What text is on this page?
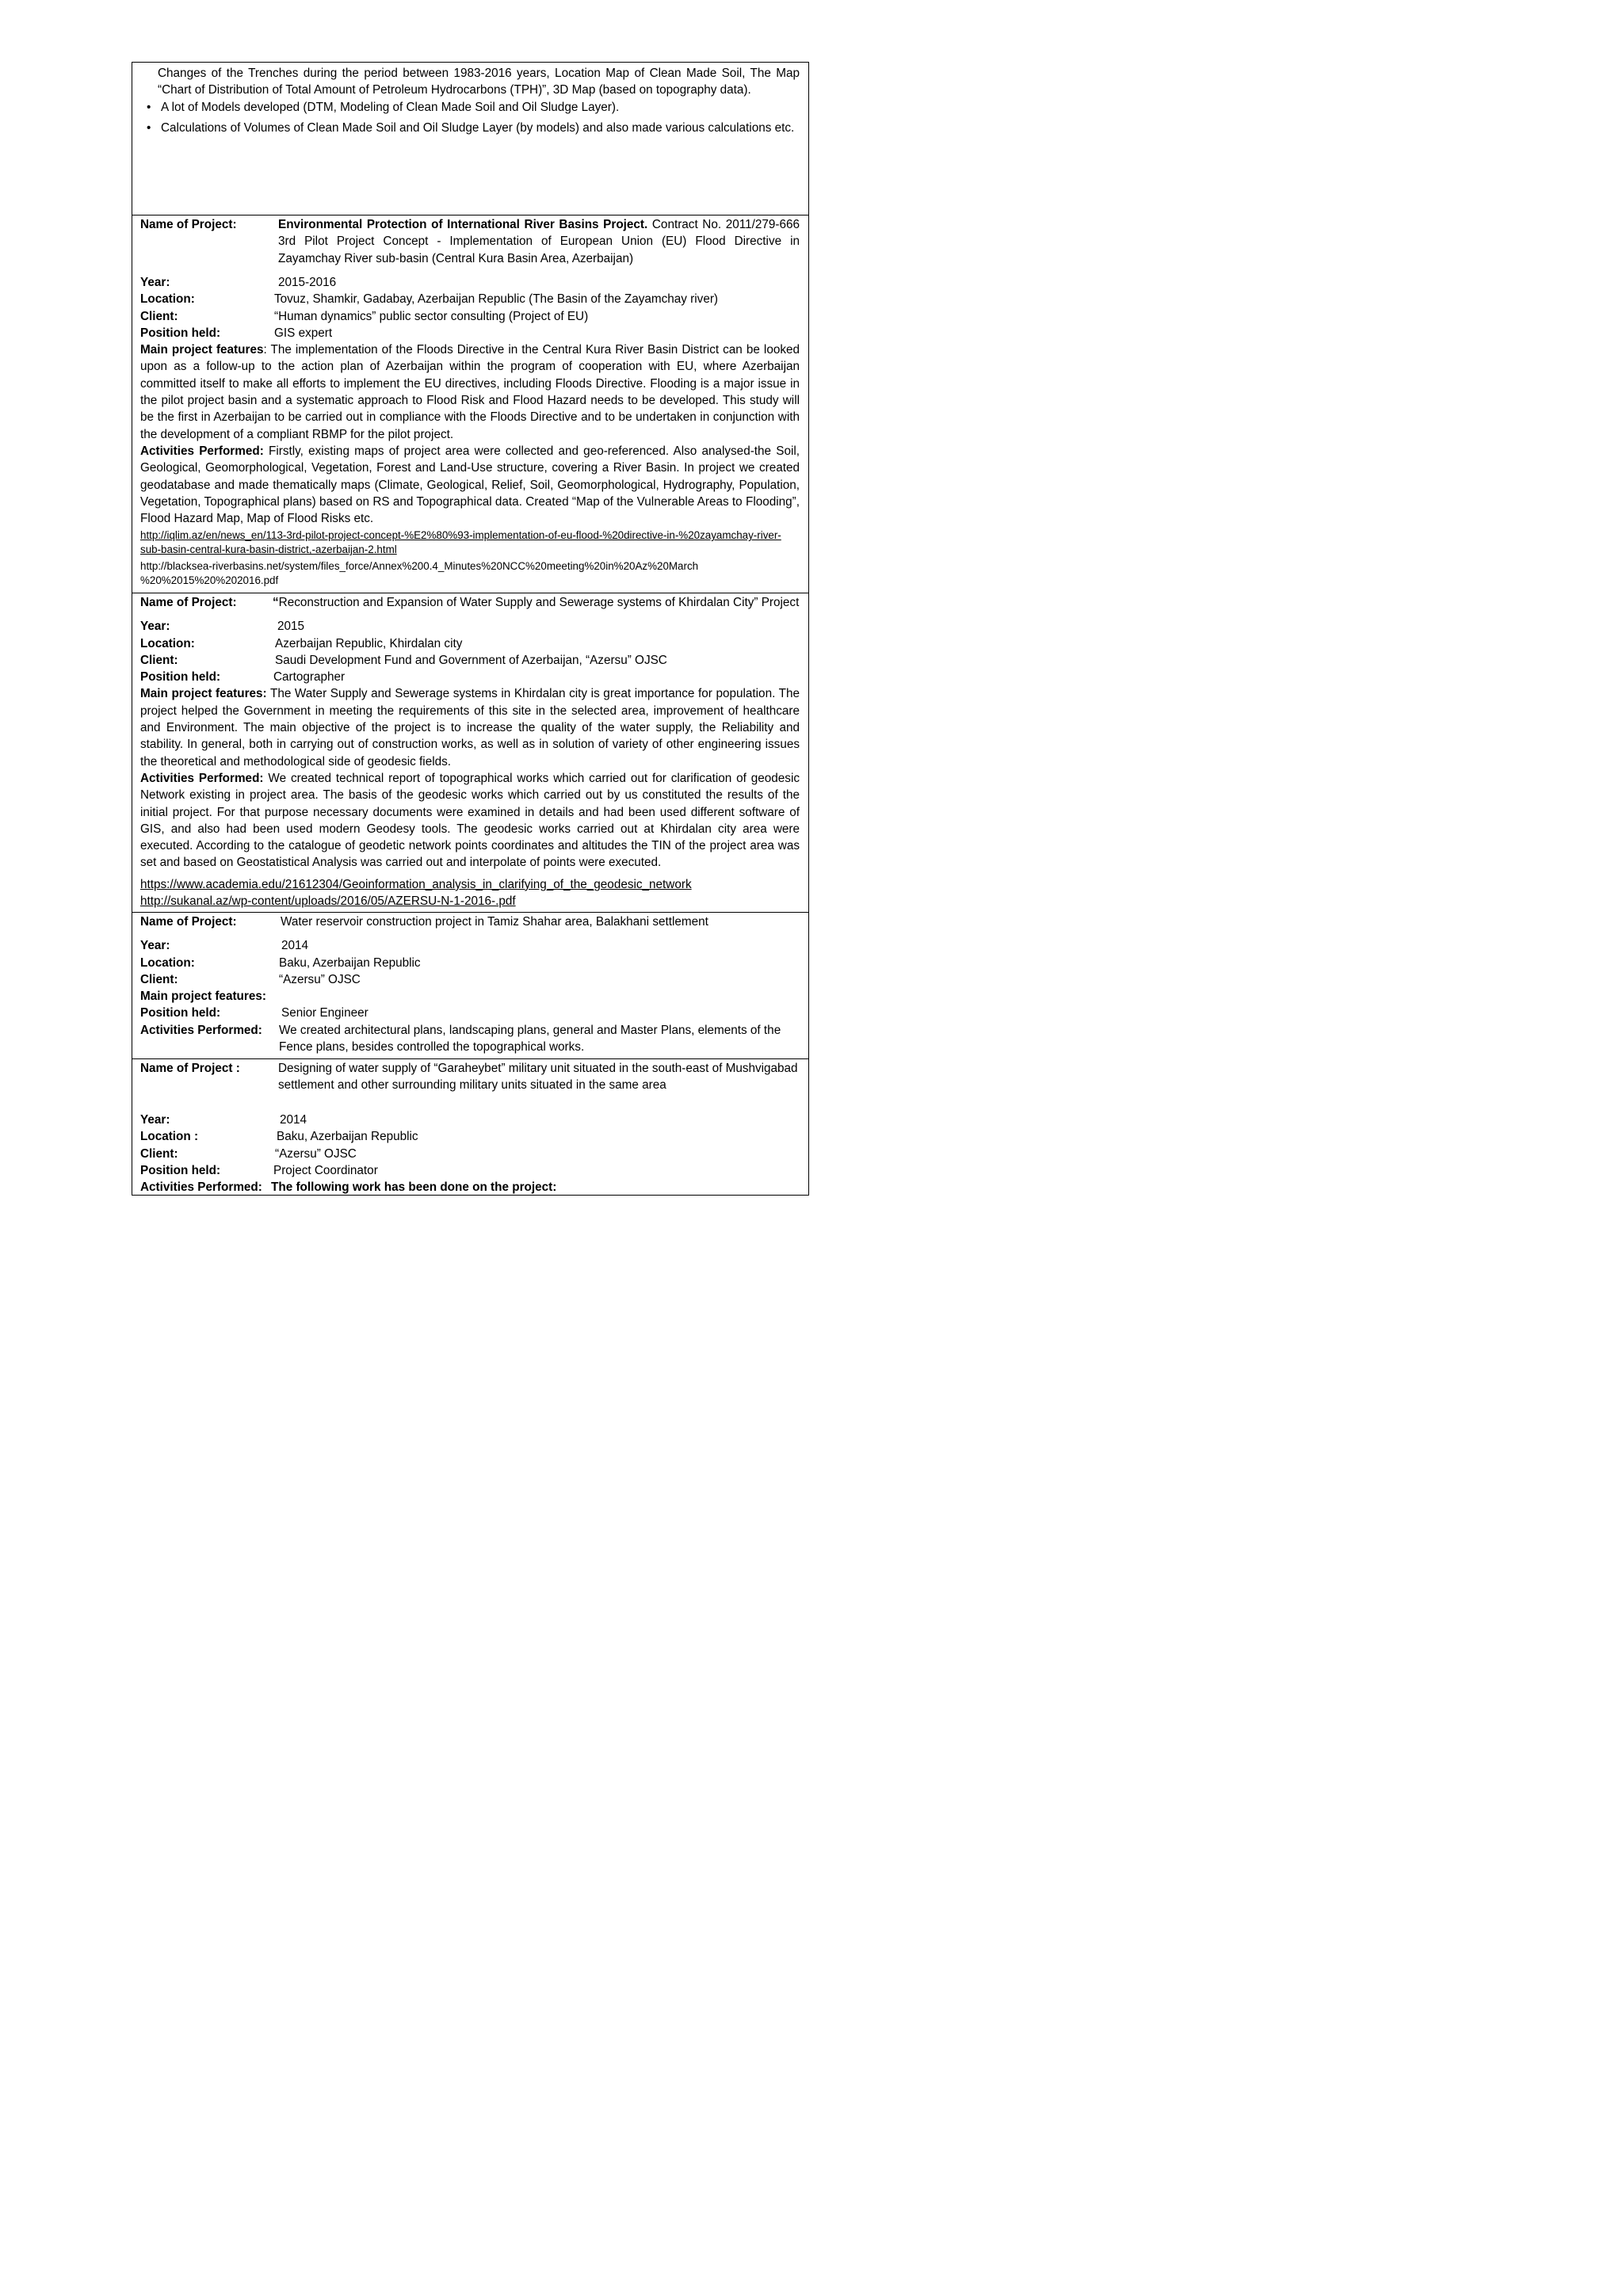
Changes of the Trenches during the period between 1983-2016 years, Location Map of Clean Made Soil, The Map “Chart of Distribution of Total Amount of Petroleum Hydrocarbons (TPH)”, 3D Map (based on topography data).

• A lot of Models developed (DTM, Modeling of Clean Made Soil and Oil Sludge Layer).

• Calculations of Volumes of Clean Made Soil and Oil Sludge Layer (by models) and also made various calculations etc.

Name of Project:	Environmental Protection of International River Basins Project. Contract No. 2011/279-666 3rd Pilot Project Concept - Implementation of European Union (EU) Flood Directive in Zayamchay River sub-basin (Central Kura Basin Area, Azerbaijan)
Year:	2015-2016
Location:	Tovuz, Shamkir, Gadabay, Azerbaijan Republic (The Basin of the Zayamchay river)
Client:	“Human dynamics” public sector consulting (Project of EU)
Position held:	GIS expert

Main project features: The implementation of the Floods Directive in the Central Kura River Basin District can be looked upon as a follow-up to the action plan of Azerbaijan within the program of cooperation with EU, where Azerbaijan committed itself to make all efforts to implement the EU directives, including Floods Directive. Flooding is a major issue in the pilot project basin and a systematic approach to Flood Risk and Flood Hazard needs to be developed. This study will be the first in Azerbaijan to be carried out in compliance with the Floods Directive and to be undertaken in conjunction with the development of a compliant RBMP for the pilot project.

Activities Performed: Firstly, existing maps of project area were collected and geo-referenced. Also analysed-the Soil, Geological, Geomorphological, Vegetation, Forest and Land-Use structure, covering a River Basin. In project we created geodatabase and made thematically maps (Climate, Geological, Relief, Soil, Geomorphological, Hydrography, Population, Vegetation, Topographical plans) based on RS and Topographical data. Created “Map of the Vulnerable Areas to Flooding”, Flood Hazard Map, Map of Flood Risks etc.

http://iqlim.az/en/news_en/113-3rd-pilot-project-concept-%E2%80%93-implementation-of-eu-flood-%20directive-in-%20zayamchay-river-sub-basin-central-kura-basin-district,-azerbaijan-2.html

http://blacksea-riverbasins.net/system/files_force/Annex%200.4_Minutes%20NCC%20meeting%20in%20Az%20March %20%2015%20%202016.pdf

Name of Project:	“Reconstruction and Expansion of Water Supply and Sewerage systems of Khirdalan City” Project
Year:	2015
Location:	Azerbaijan Republic, Khirdalan city
Client:	Saudi Development Fund and Government of Azerbaijan, “Azersu” OJSC
Position held:	Cartographer

Main project features: The Water Supply and Sewerage systems in Khirdalan city is great importance for population. The project helped the Government in meeting the requirements of this site in the selected area, improvement of healthcare and Environment. The main objective of the project is to increase the quality of the water supply, the Reliability and stability. In general, both in carrying out of construction works, as well as in solution of variety of other engineering issues the theoretical and methodological side of geodesic fields.

Activities Performed: We created technical report of topographical works which carried out for clarification of geodesic Network existing in project area. The basis of the geodesic works which carried out by us constituted the results of the initial project. For that purpose necessary documents were examined in details and had been used different software of GIS, and also had been used modern Geodesy tools. The geodesic works carried out at Khirdalan city area were executed. According to the catalogue of geodetic network points coordinates and altitudes the TIN of the project area was set and based on Geostatistical Analysis was carried out and interpolate of points were executed.

https://www.academia.edu/21612304/Geoinformation_analysis_in_clarifying_of_the_geodesic_network

http://sukanal.az/wp-content/uploads/2016/05/AZERSU-N-1-2016-.pdf

Name of Project:	Water reservoir construction project in Tamiz Shahar area, Balakhani settlement
Year:	2014
Location:	Baku, Azerbaijan Republic
Client:	“Azersu” OJSC
Main project features:
Position held:	Senior Engineer
Activities Performed: We created architectural plans, landscaping plans, general and Master Plans, elements of the Fence plans, besides controlled the topographical works.
Name of Project :	Designing of water supply of “Garaheybet” military unit situated in the south-east of Mushvigabad settlement and other surrounding military units situated in the same area
Year:	2014
Location :	Baku, Azerbaijan Republic
Client:	“Azersu” OJSC
Position held:	Project Coordinator
Activities Performed: The following work has been done on the project:
